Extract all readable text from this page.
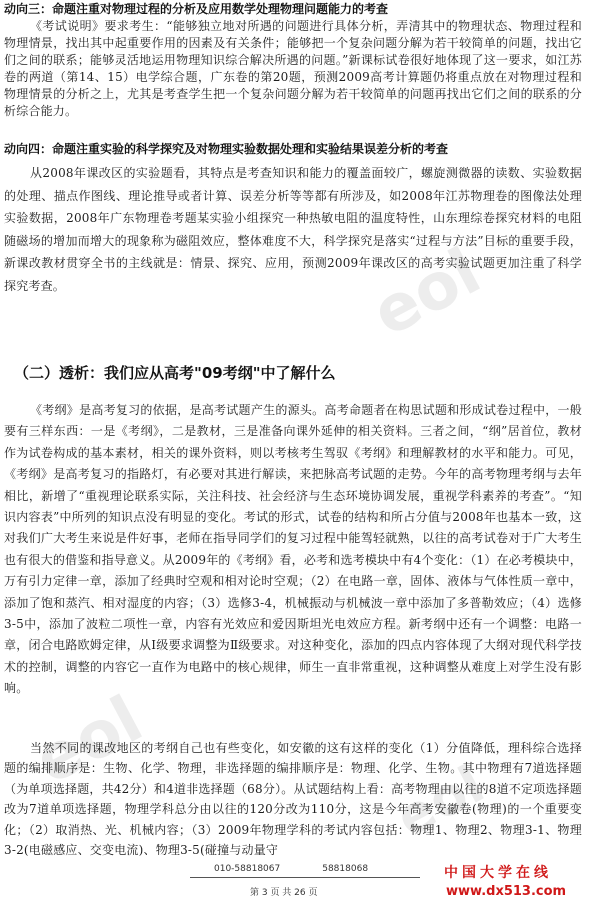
eol
eol
eol
动向三：命题注重对物理过程的分析及应用数学处理物理问题能力的考查
《考试说明》要求考生：“能够独立地对所遇的问题进行具体分析，弄清其中的物理状态、物理过程和物理情景，找出其中起重要作用的因素及有关条件；能够把一个复杂问题分解为若干较简单的问题，找出它们之间的联系；能够灵活地运用物理知识综合解决所遇的问题。”新课标试卷很好地体现了这一要求，如江苏卷的两道（第14、15）电学综合题，广东卷的第20题，预测2009高考计算题仍将重点放在对物理过程和物理情景的分析之上，尤其是考查学生把一个复杂问题分解为若干较简单的问题再找出它们之间的联系的分析综合能力。
动向四：命题注重实验的科学探究及对物理实验数据处理和实验结果误差分析的考查
从2008年课改区的实验题看，其特点是考查知识和能力的覆盖面较广，螺旋测微器的读数、实验数据的处理、描点作图线、理论推导或者计算、误差分析等等都有所涉及，如2008年江苏物理卷的图像法处理实验数据，2008年广东物理卷考题某实验小组探究一种热敏电阻的温度特性，山东理综卷探究材料的电阻随磁场的增加而增大的现象称为磁阻效应，整体难度不大，科学探究是落实“过程与方法”目标的重要手段，新课改教材贯穿全书的主线就是：情景、探究、应用，预测2009年课改区的高考实验试题更加注重了科学探究考查。
（二）透析：我们应从高考"09考纲"中了解什么
《考纲》是高考复习的依据，是高考试题产生的源头。高考命题者在构思试题和形成试卷过程中，一般要有三样东西：一是《考纲》，二是教材，三是准备向课外延伸的相关资料。三者之间，“纲”居首位，教材作为试卷构成的基本素材，相关的课外资料，则以考核考生驾驭《考纲》和理解教材的水平和能力。可见，《考纲》是高考复习的指路灯，有必要对其进行解读，来把脉高考试题的走势。今年的高考物理考纲与去年相比，新增了“重视理论联系实际，关注科技、社会经济与生态环境协调发展，重视学科素养的考查”。“知识内容表”中所列的知识点没有明显的变化。考试的形式，试卷的结构和所占分值与2008年也基本一致，这对我们广大考生来说是件好事，老师在指导同学们的复习过程中能驾轻就熟，以往的高考试卷对于广大考生也有很大的借鉴和指导意义。从2009年的《考纲》看，必考和选考模块中有4个变化：（1）在必考模块中，万有引力定律一章，添加了经典时空观和相对论时空观；（2）在电路一章，固体、液体与气体性质一章中，添加了饱和蒸汽、相对湿度的内容；（3）选修3-4，机械振动与机械波一章中添加了多普勒效应；（4）选修3-5中，添加了波粒二项性一章，内容有光效应和爱因斯坦光电效应方程。新考纲中还有一个调整：电路一章，闭合电路欧姆定律，从Ⅰ级要求调整为Ⅱ级要求。对这种变化，添加的四点内容体现了大纲对现代科学技术的控制，调整的内容它一直作为电路中的核心规律，师生一直非常重视，这种调整从难度上对学生没有影响。
当然不同的课改地区的考纲自己也有些变化，如安徽的这有这样的变化（1）分值降低，理科综合选择题的编排顺序是：生物、化学、物理，非选择题的编排顺序是：物理、化学、生物。其中物理有7道选择题（为单项选择题，共42分）和4道非选择题（68分）。从试题结构上看：高考物理由以往的8道不定项选择题改为7道单项选择题，物理学科总分由以往的120分改为110分，这是今年高考安徽卷(物理)的一个重要变化；（2）取消热、光、机械内容；（3）2009年物理学科的考试内容包括：物理1、物理2、物理3-1、物理3-2(电磁感应、交变电流)、物理3-5(碰撞与动量守
010-58818067	58818068
第 3 页 共 26 页
中国大学在线
www.dx513.com
